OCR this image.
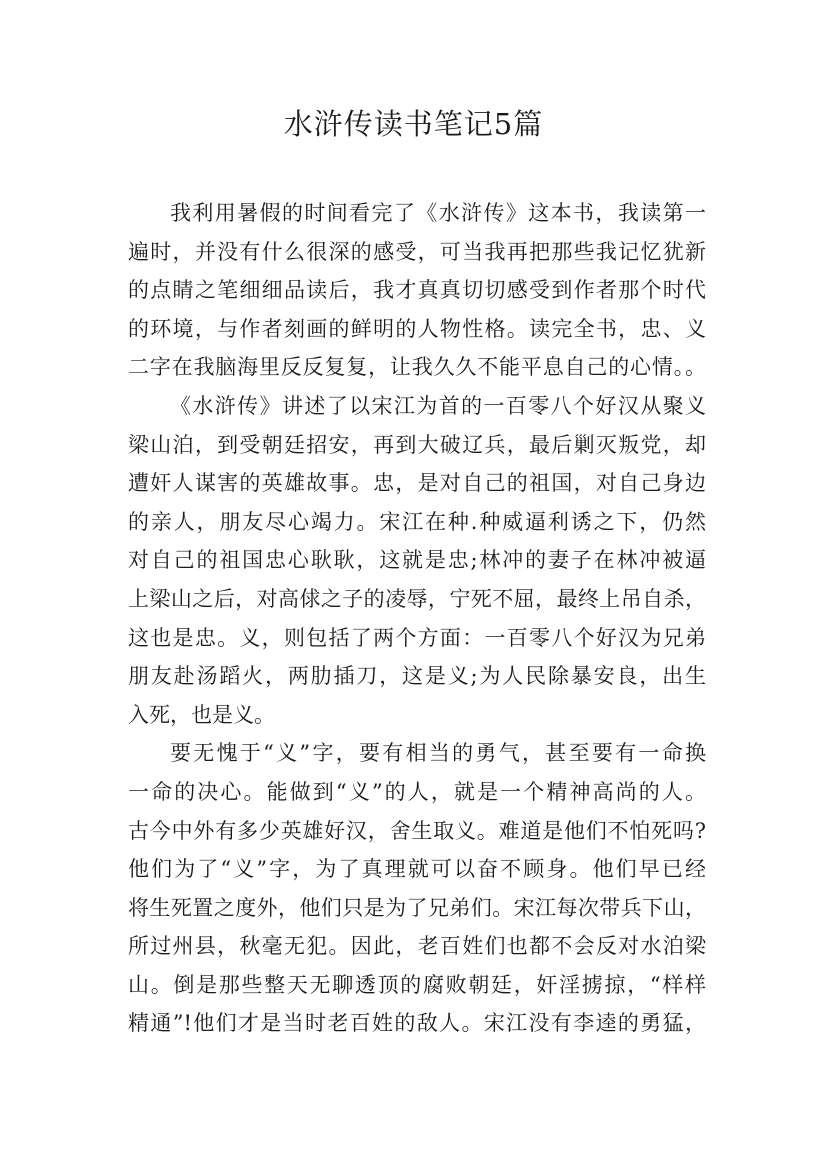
水浒传读书笔记5篇
我利用暑假的时间看完了《水浒传》这本书，我读第一
遍时，并没有什么很深的感受，可当我再把那些我记忆犹新
的点睛之笔细细品读后，我才真真切切感受到作者那个时代
的环境，与作者刻画的鲜明的人物性格。读完全书，忠、义
二字在我脑海里反反复复，让我久久不能平息自己的心情。。
《水浒传》讲述了以宋江为首的一百零八个好汉从聚义
梁山泊，到受朝廷招安，再到大破辽兵，最后剿灭叛党，却
遭奸人谋害的英雄故事。忠，是对自己的祖国，对自己身边
的亲人，朋友尽心竭力。宋江在种.种威逼利诱之下，仍然
对自己的祖国忠心耿耿，这就是忠;林冲的妻子在林冲被逼
上梁山之后，对高俅之子的凌辱，宁死不屈，最终上吊自杀，
这也是忠。义，则包括了两个方面：一百零八个好汉为兄弟
朋友赴汤蹈火，两肋插刀，这是义;为人民除暴安良，出生
入死，也是义。
要无愧于“义”字，要有相当的勇气，甚至要有一命换
一命的决心。能做到“义”的人，就是一个精神高尚的人。
古今中外有多少英雄好汉，舍生取义。难道是他们不怕死吗?
他们为了“义”字，为了真理就可以奋不顾身。他们早已经
将生死置之度外，他们只是为了兄弟们。宋江每次带兵下山，
所过州县，秋毫无犯。因此，老百姓们也都不会反对水泊梁
山。倒是那些整天无聊透顶的腐败朝廷，奸淫掳掠，“样样
精通”!他们才是当时老百姓的敌人。宋江没有李逵的勇猛，
